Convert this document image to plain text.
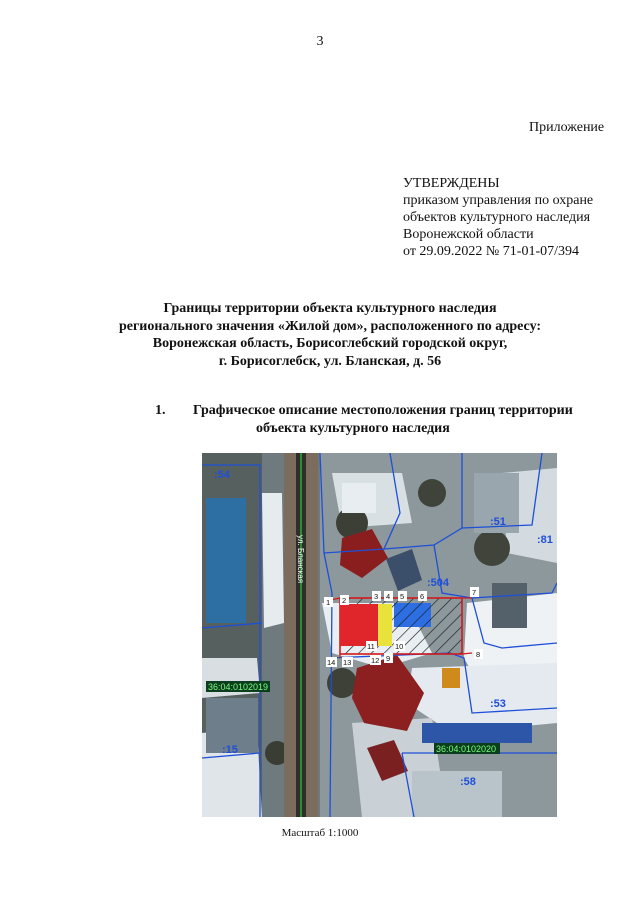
3
Приложение
УТВЕРЖДЕНЫ
приказом управления по охране
объектов культурного наследия
Воронежской области
от 29.09.2022 № 71-01-07/394
Границы территории объекта культурного наследия
регионального значения «Жилой дом», расположенного по адресу:
Воронежская область, Борисоглебский городской округ,
г. Борисоглебск, ул. Бланская, д. 56
1. Графическое описание местоположения границ территории
объекта культурного наследия
ул. Бланская
1 2	3 4 5 6	7
8
9
10
11
12
13
14
:54
:504
:51
:81
:53
:15
:58
36:04:0102019
36:04:0102020
Масштаб 1:1000
